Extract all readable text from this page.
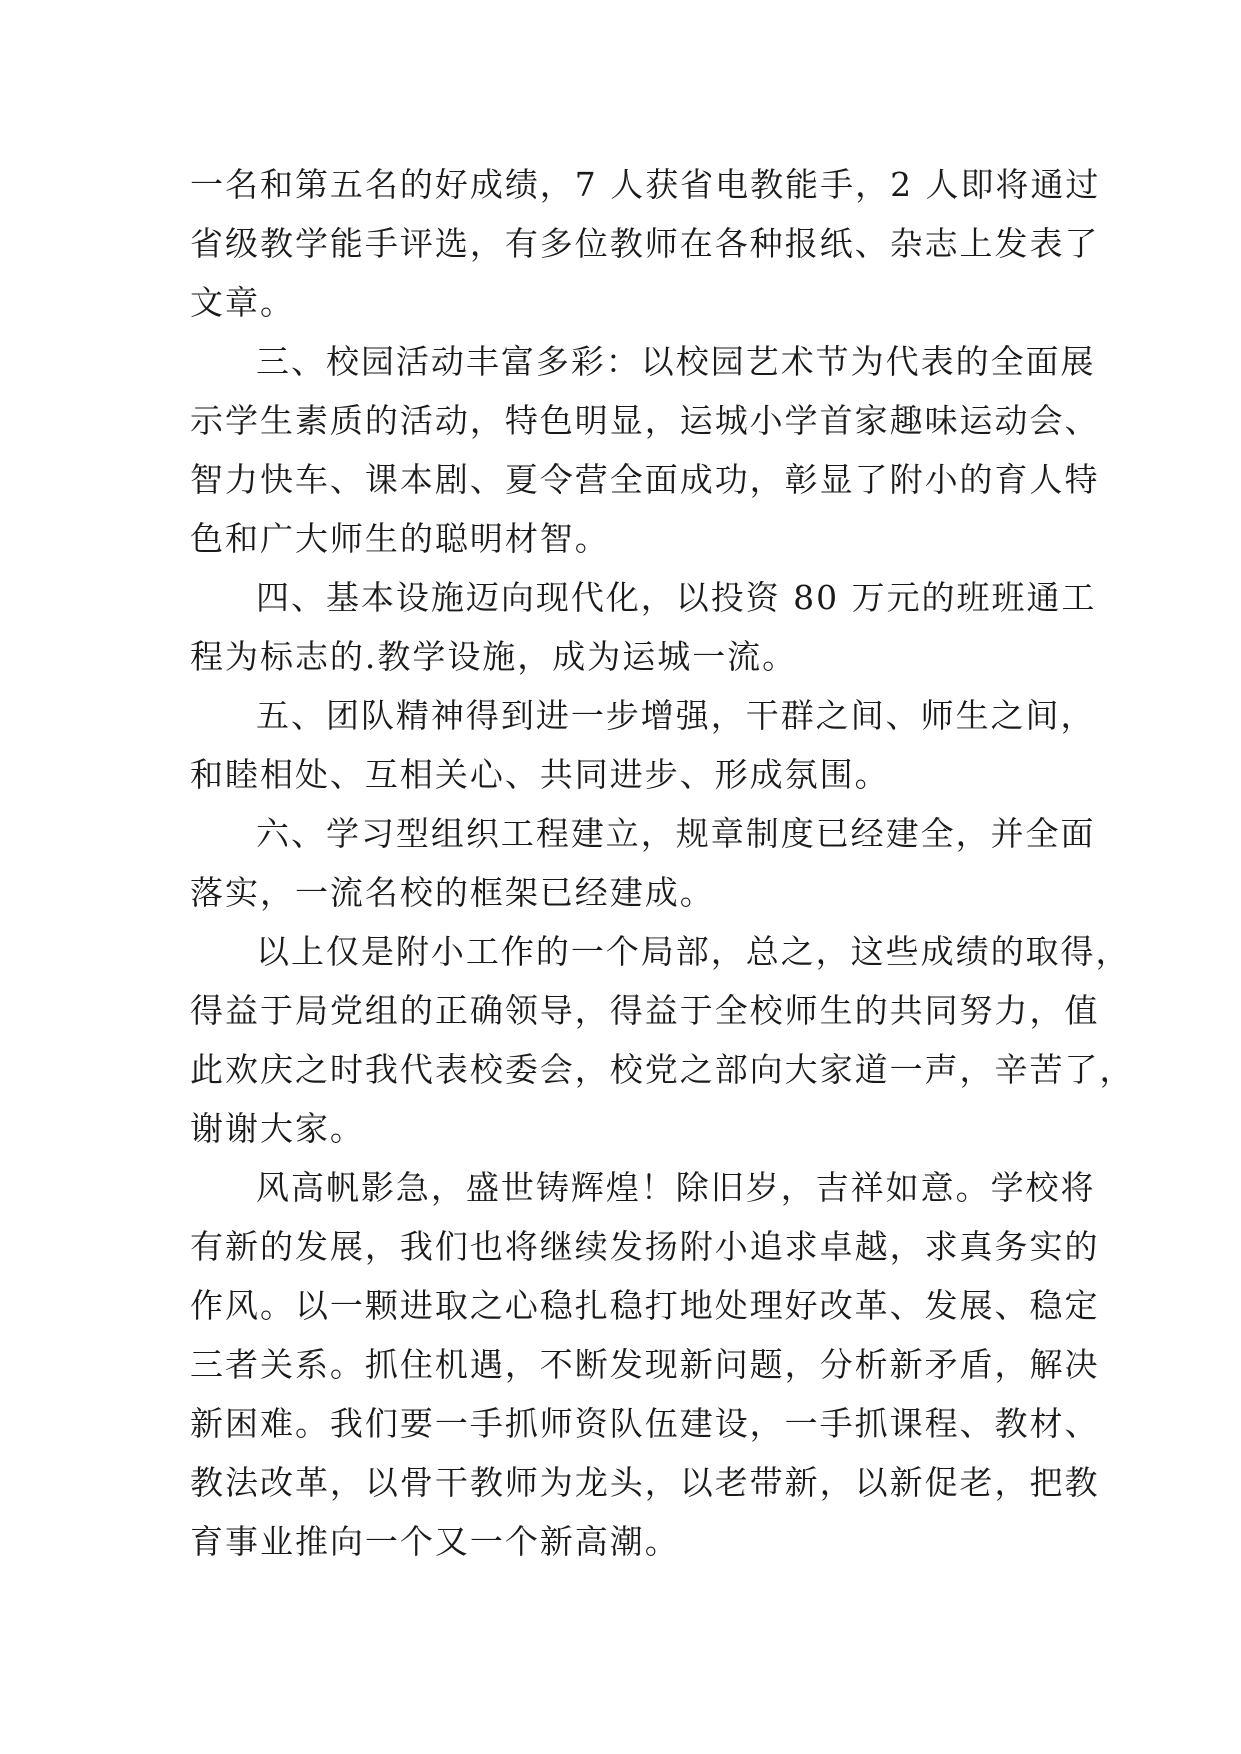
一名和第五名的好成绩，7 人获省电教能手，2 人即将通过
省级教学能手评选，有多位教师在各种报纸、杂志上发表了
文章。
三、校园活动丰富多彩：以校园艺术节为代表的全面展
示学生素质的活动，特色明显，运城小学首家趣味运动会、
智力快车、课本剧、夏令营全面成功，彰显了附小的育人特
色和广大师生的聪明材智。
四、基本设施迈向现代化，以投资 80 万元的班班通工
程为标志的.教学设施，成为运城一流。
五、团队精神得到进一步增强，干群之间、师生之间，
和睦相处、互相关心、共同进步、形成氛围。
六、学习型组织工程建立，规章制度已经建全，并全面
落实，一流名校的框架已经建成。
以上仅是附小工作的一个局部，总之，这些成绩的取得，
得益于局党组的正确领导，得益于全校师生的共同努力，值
此欢庆之时我代表校委会，校党之部向大家道一声，辛苦了，
谢谢大家。
风高帆影急，盛世铸辉煌！除旧岁，吉祥如意。学校将
有新的发展，我们也将继续发扬附小追求卓越，求真务实的
作风。以一颗进取之心稳扎稳打地处理好改革、发展、稳定
三者关系。抓住机遇，不断发现新问题，分析新矛盾，解决
新困难。我们要一手抓师资队伍建设，一手抓课程、教材、
教法改革，以骨干教师为龙头，以老带新，以新促老，把教
育事业推向一个又一个新高潮。
